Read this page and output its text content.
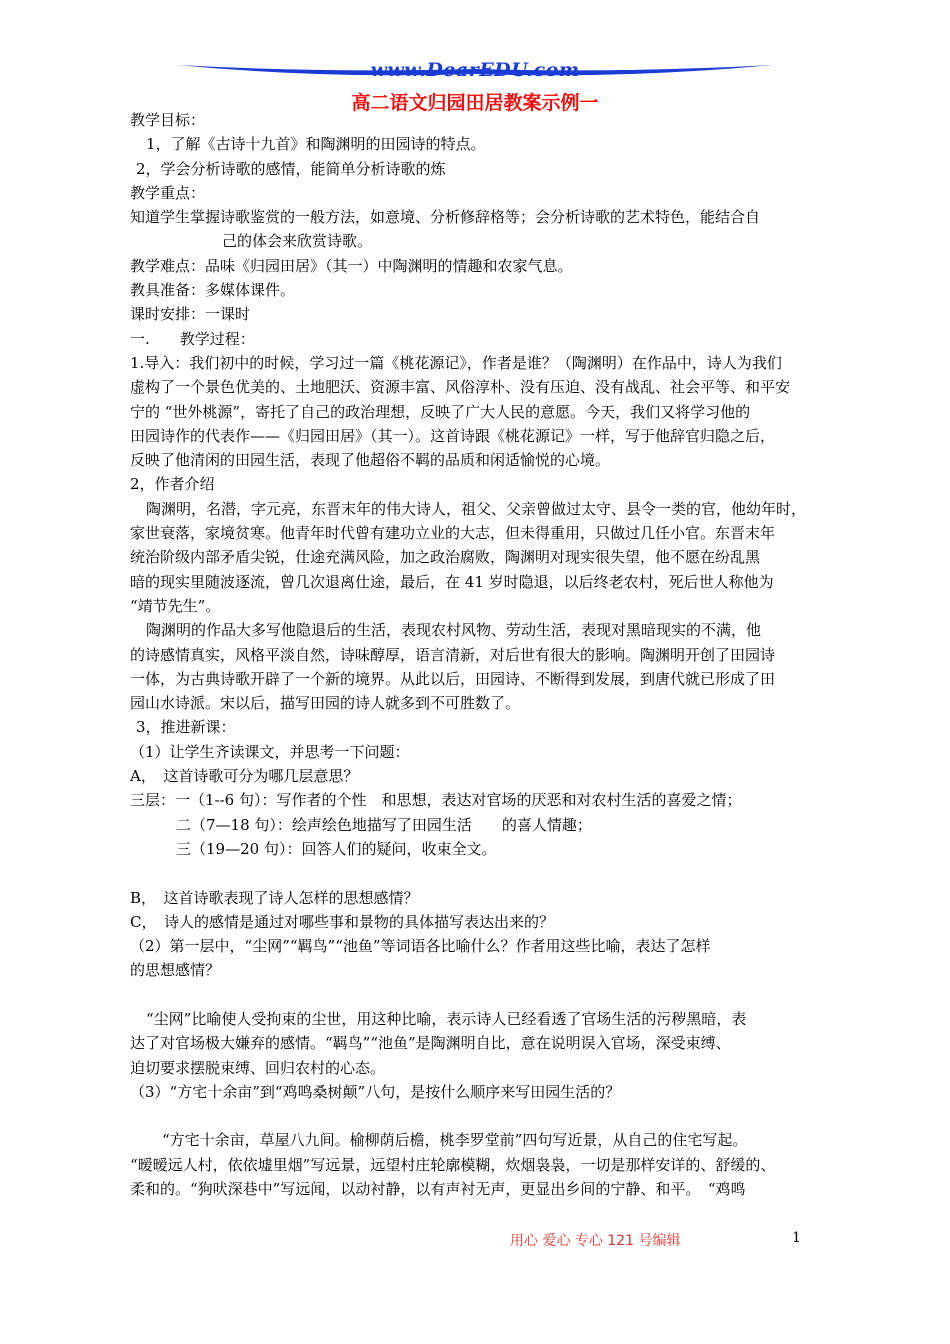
www.DearEDU.com
高二语文归园田居教案示例一
教学目标：
1，了解《古诗十九首》和陶渊明的田园诗的特点。
2，学会分析诗歌的感情，能简单分析诗歌的炼
教学重点：
知道学生掌握诗歌鉴赏的一般方法，如意境、分析修辞格等；会分析诗歌的艺术特色，能结合自
己的体会来欣赏诗歌。
教学难点：品味《归园田居》（其一）中陶渊明的情趣和农家气息。
教具准备：多媒体课件。
课时安排：一课时
一.　　教学过程：
1.导入：我们初中的时候，学习过一篇《桃花源记》，作者是谁？（陶渊明）在作品中，诗人为我们
虚构了一个景色优美的、土地肥沃、资源丰富、风俗淳朴、没有压迫、没有战乱、社会平等、和平安
宁的 “世外桃源”，寄托了自己的政治理想，反映了广大人民的意愿。今天，我们又将学习他的
田园诗作的代表作——《归园田居》（其一）。这首诗跟《桃花源记》一样，写于他辞官归隐之后，
反映了他清闲的田园生活，表现了他超俗不羁的品质和闲适愉悦的心境。
2，作者介绍
陶渊明，名潜，字元亮，东晋末年的伟大诗人，祖父、父亲曾做过太守、县令一类的官，他幼年时，
家世衰落，家境贫寒。他青年时代曾有建功立业的大志，但未得重用，只做过几任小官。东晋末年
统治阶级内部矛盾尖锐，仕途充满风险，加之政治腐败，陶渊明对现实很失望，他不愿在纷乱黑
暗的现实里随波逐流，曾几次退离仕途，最后，在 41 岁时隐退，以后终老农村，死后世人称他为
“靖节先生”。
陶渊明的作品大多写他隐退后的生活，表现农村风物、劳动生活，表现对黑暗现实的不满，他
的诗感情真实，风格平淡自然，诗味醇厚，语言清新，对后世有很大的影响。陶渊明开创了田园诗
一体，为古典诗歌开辟了一个新的境界。从此以后，田园诗、不断得到发展，到唐代就已形成了田
园山水诗派。宋以后，描写田园的诗人就多到不可胜数了。
3，推进新课：
（1）让学生齐读课文，并思考一下问题：
A，　这首诗歌可分为哪几层意思？
三层：一（1--6 句）：写作者的个性　和思想，表达对官场的厌恶和对农村生活的喜爱之情；
二（7—18 句）：绘声绘色地描写了田园生活　　的喜人情趣；
三（19—20 句）：回答人们的疑问，收束全文。
B，　这首诗歌表现了诗人怎样的思想感情？
C，　诗人的感情是通过对哪些事和景物的具体描写表达出来的？
（2）第一层中，“尘网”“羁鸟”“池鱼”等词语各比喻什么？作者用这些比喻，表达了怎样
的思想感情？
“尘网”比喻使人受拘束的尘世，用这种比喻，表示诗人已经看透了官场生活的污秽黑暗，表
达了对官场极大嫌弃的感情。“羁鸟”“池鱼”是陶渊明自比，意在说明误入官场，深受束缚、
迫切要求摆脱束缚、回归农村的心态。
（3）“方宅十余亩”到“鸡鸣桑树颠”八句，是按什么顺序来写田园生活的？
“方宅十余亩，草屋八九间。榆柳荫后檐，桃李罗堂前”四句写近景，从自己的住宅写起。
“暧暧远人村，依依墟里烟”写远景，远望村庄轮廓模糊，炊烟袅袅，一切是那样安详的、舒缓的、
柔和的。“狗吠深巷中”写远闻，以动衬静，以有声衬无声，更显出乡间的宁静、和平。　“鸡鸣
用心 爱心 专心 121 号编辑	1
